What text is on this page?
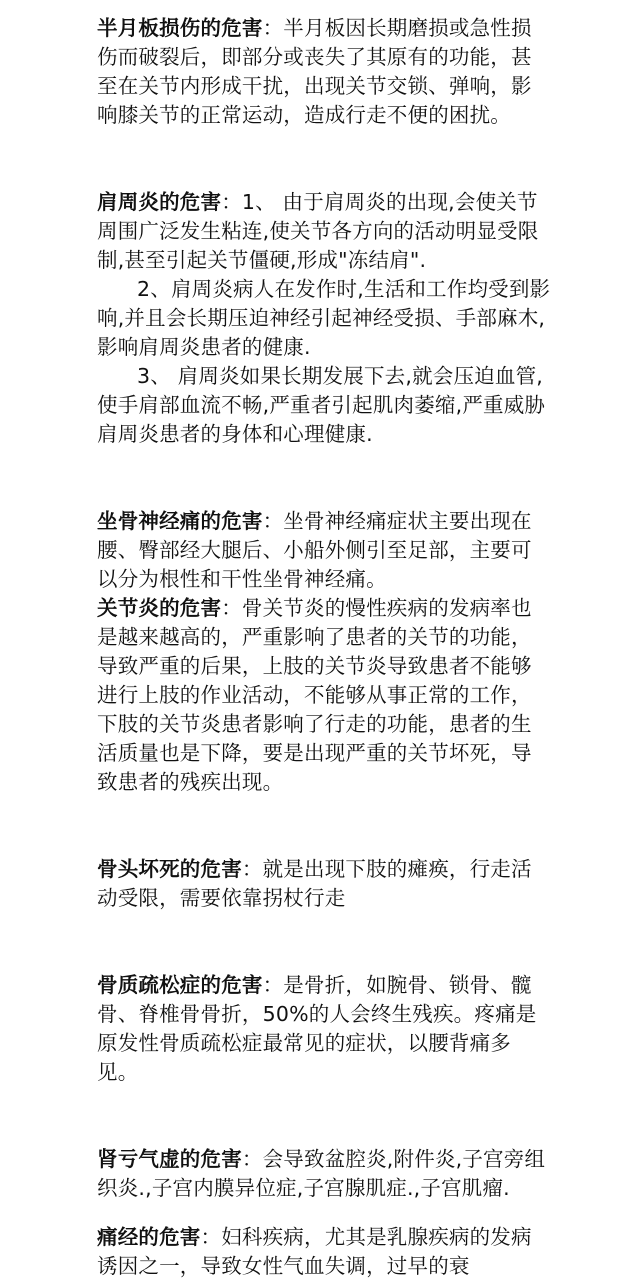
半月板损伤的危害：半月板因长期磨损或急性损伤而破裂后，即部分或丧失了其原有的功能，甚至在关节内形成干扰，出现关节交锁、弹响，影响膝关节的正常运动，造成行走不便的困扰。

肩周炎的危害：1、 由于肩周炎的出现,会使关节周围广泛发生粘连,使关节各方向的活动明显受限制,甚至引起关节僵硬,形成"冻结肩".
2、肩周炎病人在发作时,生活和工作均受到影响,并且会长期压迫神经引起神经受损、手部麻木,影响肩周炎患者的健康.
3、 肩周炎如果长期发展下去,就会压迫血管,使手肩部血流不畅,严重者引起肌肉萎缩,严重威胁肩周炎患者的身体和心理健康.

坐骨神经痛的危害：坐骨神经痛症状主要出现在腰、臀部经大腿后、小船外侧引至足部，主要可以分为根性和干性坐骨神经痛。

关节炎的危害：骨关节炎的慢性疾病的发病率也是越来越高的，严重影响了患者的关节的功能，导致严重的后果，上肢的关节炎导致患者不能够进行上肢的作业活动，不能够从事正常的工作，下肢的关节炎患者影响了行走的功能，患者的生活质量也是下降，要是出现严重的关节坏死，导致患者的残疾出现。

骨头坏死的危害：就是出现下肢的瘫痪，行走活动受限，需要依靠拐杖行走

骨质疏松症的危害：是骨折，如腕骨、锁骨、髋骨、脊椎骨骨折，50%的人会终生残疾。疼痛是原发性骨质疏松症最常见的症状，以腰背痛多见。

肾亏气虚的危害：会导致盆腔炎,附件炎,子宫旁组织炎.,子宫内膜异位症,子宫腺肌症.,子宫肌瘤.

痛经的危害：妇科疾病，尤其是乳腺疾病的发病诱因之一，导致女性气血失调，过早的衰
